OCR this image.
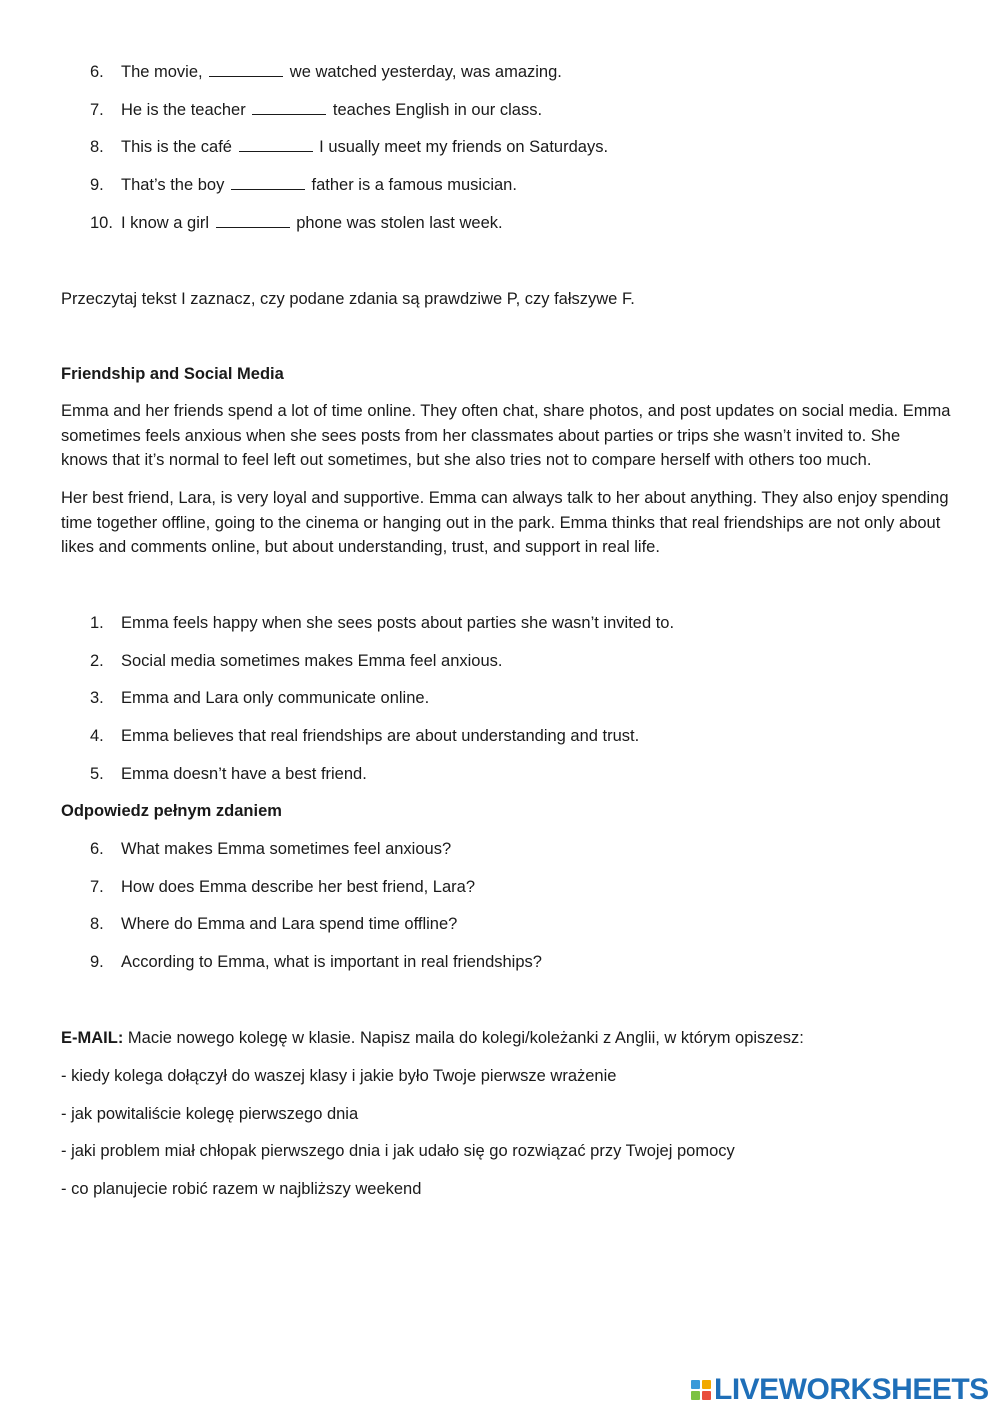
6. The movie,	we watched yesterday, was amazing.
7. He is the teacher	teaches English in our class.
8. This is the café	I usually meet my friends on Saturdays.
9. That’s the boy	father is a famous musician.
10. I know a girl	phone was stolen last week.
Przeczytaj tekst I zaznacz, czy podane zdania są prawdziwe P, czy fałszywe F.
Friendship and Social Media
Emma and her friends spend a lot of time online. They often chat, share photos, and post updates on social media. Emma sometimes feels anxious when she sees posts from her classmates about parties or trips she wasn’t invited to. She knows that it’s normal to feel left out sometimes, but she also tries not to compare herself with others too much.
Her best friend, Lara, is very loyal and supportive. Emma can always talk to her about anything. They also enjoy spending time together offline, going to the cinema or hanging out in the park. Emma thinks that real friendships are not only about likes and comments online, but about understanding, trust, and support in real life.
1. Emma feels happy when she sees posts about parties she wasn’t invited to.
2. Social media sometimes makes Emma feel anxious.
3. Emma and Lara only communicate online.
4. Emma believes that real friendships are about understanding and trust.
5. Emma doesn’t have a best friend.
Odpowiedz pełnym zdaniem
6. What makes Emma sometimes feel anxious?
7. How does Emma describe her best friend, Lara?
8. Where do Emma and Lara spend time offline?
9. According to Emma, what is important in real friendships?
E-MAIL: Macie nowego kolegę w klasie. Napisz maila do kolegi/koleżanki z Anglii, w którym opiszesz:
- kiedy kolega dołączył do waszej klasy i jakie było Twoje pierwsze wrażenie
- jak powitaliście kolegę pierwszego dnia
- jaki problem miał chłopak pierwszego dnia i jak udało się go rozwiązać przy Twojej pomocy
- co planujecie robić razem w najbliższy weekend
LIVEWORKSHEETS
